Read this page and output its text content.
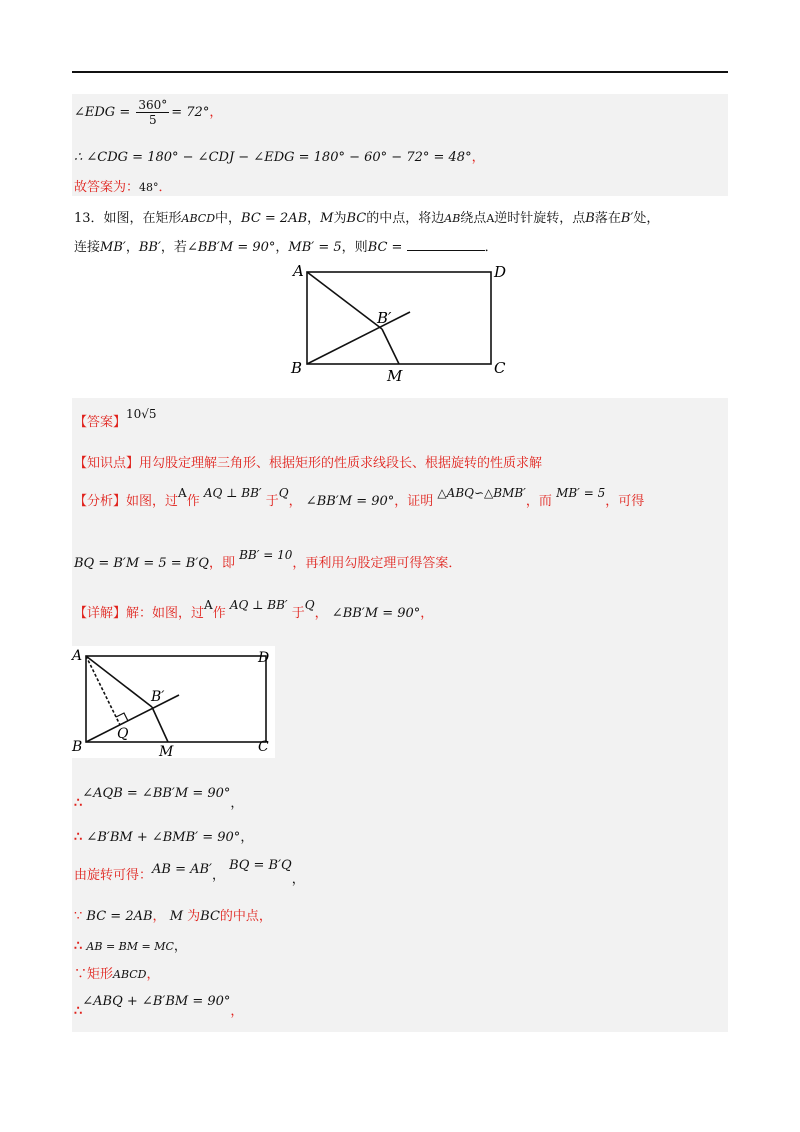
∠EDG = $\frac{360^\circ}{5} = 72^\circ$，
∴ ∠CDG = 180° − ∠CDJ − ∠EDG = 180° − 60° − 72° = 48°，
故答案为：48°．
13．如图，在矩形ABCD中，BC = 2AB，M为BC的中点，将边AB绕点A逆时针旋转，点B落在B′处，
连接MB′，BB′，若∠BB′M = 90°，MB′ = 5，则BC =	．
A	D
B	C
B′
M
【答案】10√5
【知识点】用勾股定理解三角形、根据矩形的性质求线段长、根据旋转的性质求解
【分析】如图，过A作 AQ ⊥ BB′ 于Q， ∠BB′M = 90°，证明 △ABQ∽△BMB′，而 MB′ = 5，可得
BQ = B′M = 5 = B′Q，即 BB′ = 10，再利用勾股定理可得答案．
【详解】解：如图，过A作 AQ ⊥ BB′ 于Q， ∠BB′M = 90°，
A	D
B	C
B′
Q
M
∴∠AQB = ∠BB′M = 90°，
∴ ∠B′BM + ∠BMB′ = 90°，
由旋转可得：AB = AB′， BQ = B′Q，
∵ BC = 2AB， M 为BC的中点，
∴ AB = BM = MC，
∵矩形ABCD，
∴∠ABQ + ∠B′BM = 90°，
